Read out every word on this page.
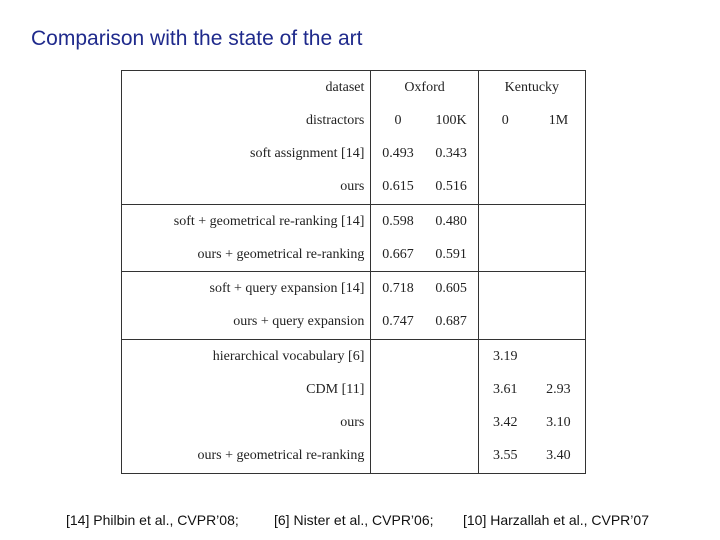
Comparison with the state of the art
dataset	Oxford		Kentucky	
distractors	0	100K	0	1M
soft assignment [14]	0.493	0.343		
ours	0.615	0.516		
soft + geometrical re-ranking [14]	0.598	0.480		
ours + geometrical re-ranking	0.667	0.591		
soft + query expansion [14]	0.718	0.605		
ours + query expansion	0.747	0.687		
hierarchical vocabulary [6]			3.19	
CDM [11]			3.61	2.93
ours			3.42	3.10
ours + geometrical re-ranking			3.55	3.40
[14] Philbin et al., CVPR’08;	[6] Nister et al., CVPR’06; [10] Harzallah et al., CVPR’07
